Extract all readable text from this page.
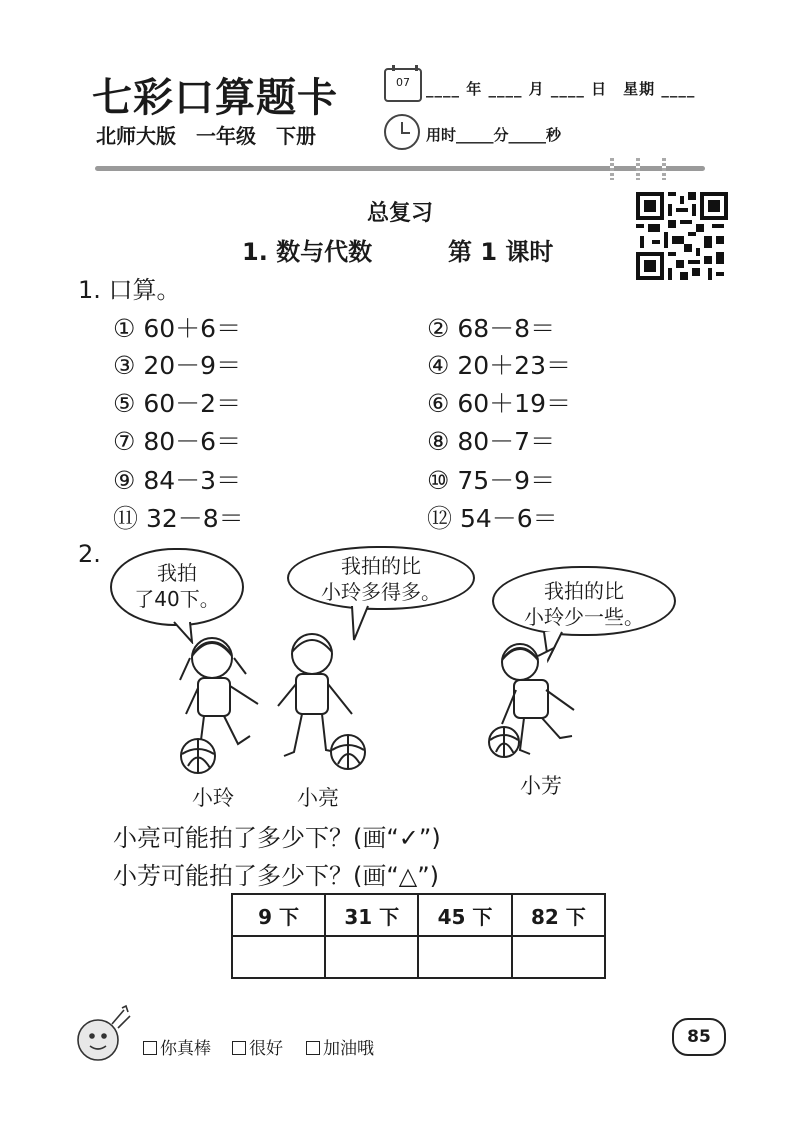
七彩口算题卡	07	____ 年 ____ 月 ____ 日　星期 ____
北师大版　一年级　下册	用时_____分_____秒
总复习
1. 数与代数	第 1 课时
1. 口算。
① 60＋6＝
③ 20－9＝
⑤ 60－2＝
⑦ 80－6＝
⑨ 84－3＝
⑪ 32－8＝
② 68－8＝
④ 20＋23＝
⑥ 60＋19＝
⑧ 80－7＝
⑩ 75－9＝
⑫ 54－6＝
2.
我拍
了40下。
我拍的比
小玲多得多。	我拍的比
小玲少一些。
小玲	小亮	小芳
小亮可能拍了多少下？(画“✓”)
小芳可能拍了多少下？(画“△”)
9 下	31 下	45 下	82 下

你真棒	很好	加油哦
85
